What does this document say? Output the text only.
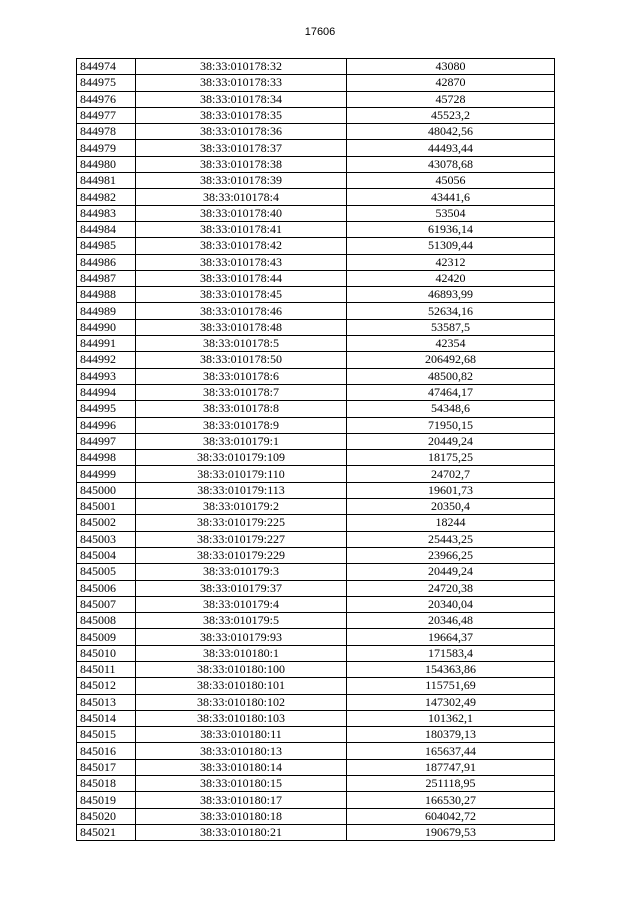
17606
844974	38:33:010178:32	43080
844975	38:33:010178:33	42870
844976	38:33:010178:34	45728
844977	38:33:010178:35	45523,2
844978	38:33:010178:36	48042,56
844979	38:33:010178:37	44493,44
844980	38:33:010178:38	43078,68
844981	38:33:010178:39	45056
844982	38:33:010178:4	43441,6
844983	38:33:010178:40	53504
844984	38:33:010178:41	61936,14
844985	38:33:010178:42	51309,44
844986	38:33:010178:43	42312
844987	38:33:010178:44	42420
844988	38:33:010178:45	46893,99
844989	38:33:010178:46	52634,16
844990	38:33:010178:48	53587,5
844991	38:33:010178:5	42354
844992	38:33:010178:50	206492,68
844993	38:33:010178:6	48500,82
844994	38:33:010178:7	47464,17
844995	38:33:010178:8	54348,6
844996	38:33:010178:9	71950,15
844997	38:33:010179:1	20449,24
844998	38:33:010179:109	18175,25
844999	38:33:010179:110	24702,7
845000	38:33:010179:113	19601,73
845001	38:33:010179:2	20350,4
845002	38:33:010179:225	18244
845003	38:33:010179:227	25443,25
845004	38:33:010179:229	23966,25
845005	38:33:010179:3	20449,24
845006	38:33:010179:37	24720,38
845007	38:33:010179:4	20340,04
845008	38:33:010179:5	20346,48
845009	38:33:010179:93	19664,37
845010	38:33:010180:1	171583,4
845011	38:33:010180:100	154363,86
845012	38:33:010180:101	115751,69
845013	38:33:010180:102	147302,49
845014	38:33:010180:103	101362,1
845015	38:33:010180:11	180379,13
845016	38:33:010180:13	165637,44
845017	38:33:010180:14	187747,91
845018	38:33:010180:15	251118,95
845019	38:33:010180:17	166530,27
845020	38:33:010180:18	604042,72
845021	38:33:010180:21	190679,53
